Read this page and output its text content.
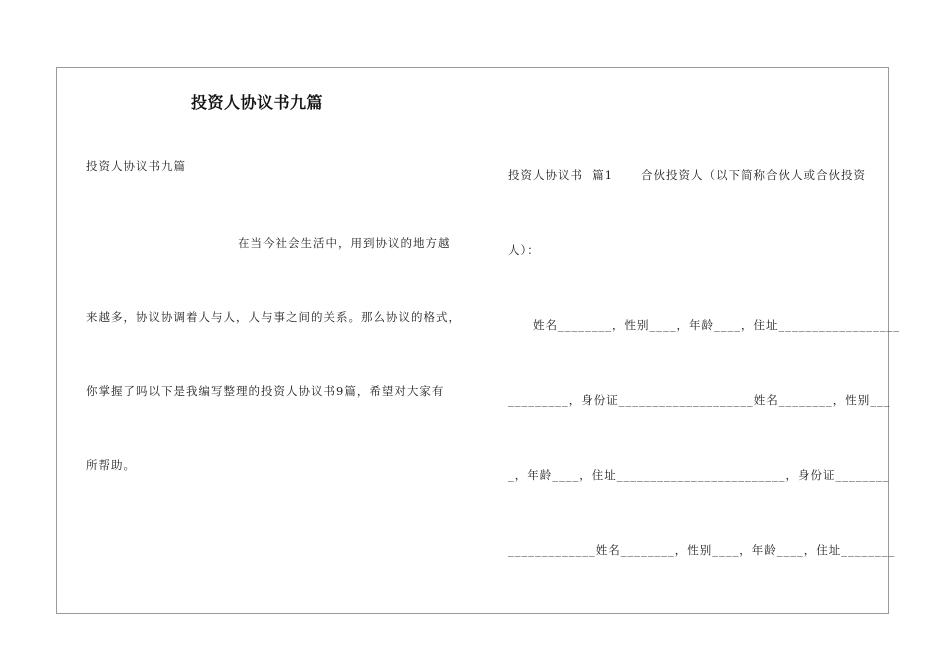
投资人协议书九篇
投资人协议书九篇
在当今社会生活中，用到协议的地方越
来越多，协议协调着人与人，人与事之间的关系。那么协议的格式，
你掌握了吗以下是我编写整理的投资人协议书9篇，希望对大家有
所帮助。
投资人协议书  篇1      合伙投资人（以下简称合伙人或合伙投资
人）：
姓名________，性别____，年龄____，住址__________________
_________，身份证____________________姓名________，性别___
_，年龄____，住址_________________________，身份证________
_____________姓名________，性别____，年龄____，住址________
